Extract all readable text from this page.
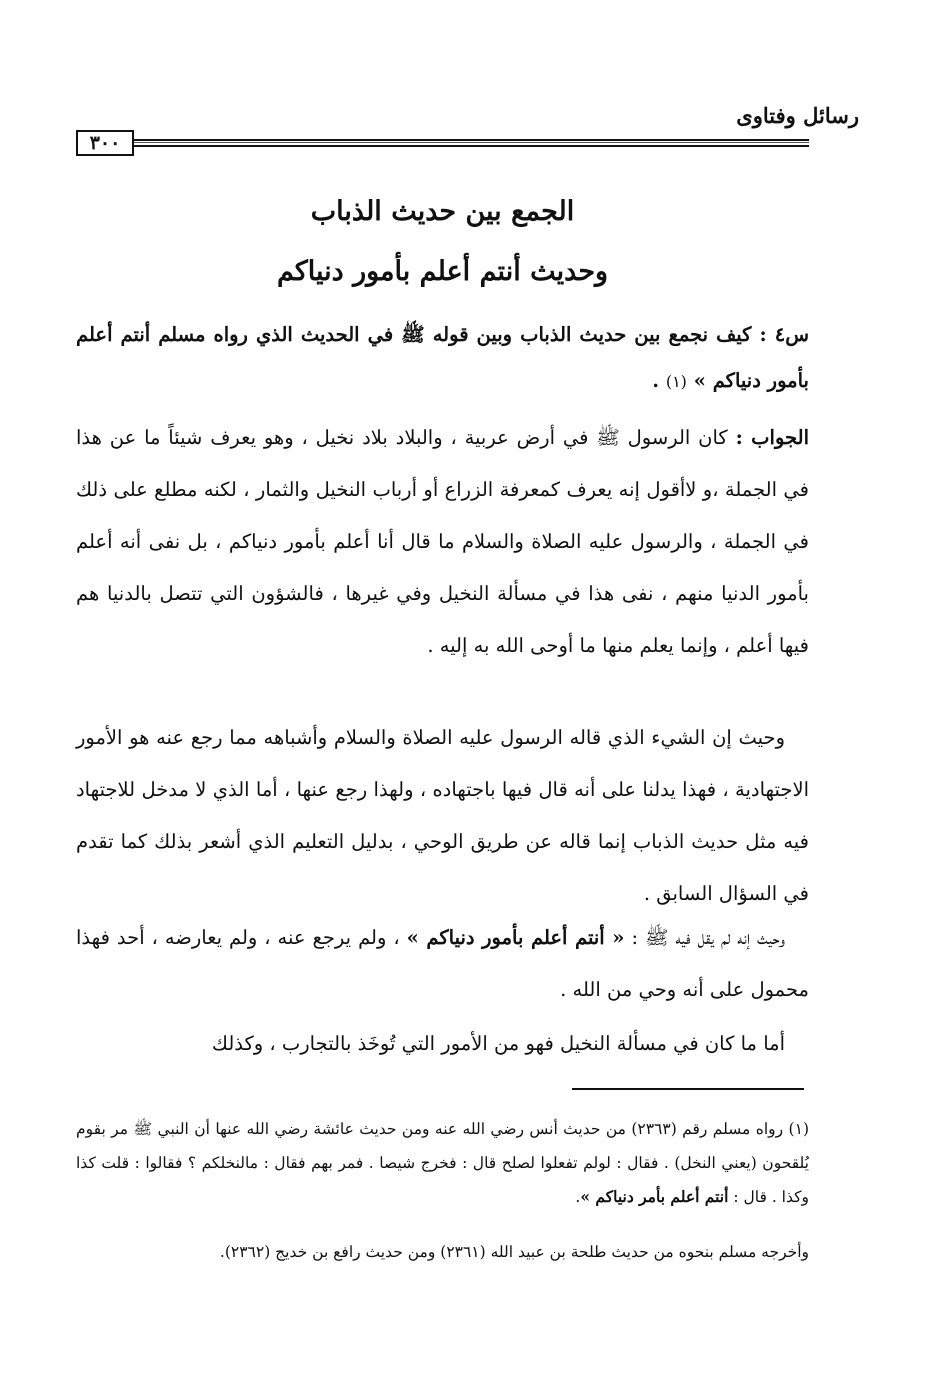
رسائل وفتاوى
٣٠٠
الجمع بين حديث الذباب
وحديث أنتم أعلم بأمور دنياكم
س٤ : كيف نجمع بين حديث الذباب وبين قوله ﷺ في الحديث الذي رواه مسلم أنتم أعلم بأمور دنياكم » (١) .
الجواب : كان الرسول ﷺ في أرض عربية ، والبلاد بلاد نخيل ، وهو يعرف شيئاً ما عن هذا في الجملة ،و لاأقول إنه يعرف كمعرفة الزراع أو أرباب النخيل والثمار ، لكنه مطلع على ذلك في الجملة ، والرسول عليه الصلاة والسلام ما قال أنا أعلم بأمور دنياكم ، بل نفى أنه أعلم بأمور الدنيا منهم ، نفى هذا في مسألة النخيل وفي غيرها ، فالشؤون التي تتصل بالدنيا هم فيها أعلم ، وإنما يعلم منها ما أوحى الله به إليه .
وحيث إن الشيء الذي قاله الرسول عليه الصلاة والسلام وأشباهه مما رجع عنه هو الأمور الاجتهادية ، فهذا يدلنا على أنه قال فيها باجتهاده ، ولهذا رجع عنها ، أما الذي لا مدخل للاجتهاد فيه مثل حديث الذباب إنما قاله عن طريق الوحي ، بدليل التعليم الذي أشعر بذلك كما تقدم في السؤال السابق .
وحيث إنه لم يقل فيه ﷺ : « أنتم أعلم بأمور دنياكم » ، ولم يرجع عنه ، ولم يعارضه ، أحد فهذا محمول على أنه وحي من الله .
أما ما كان في مسألة النخيل فهو من الأمور التي تُوخَذ بالتجارب ، وكذلك
(١) رواه مسلم رقم (٢٣٦٣) من حديث أنس رضي الله عنه ومن حديث عائشة رضي الله عنها أن النبي ﷺ مر بقوم يُلقحون (يعني النخل) . فقال : لولم تفعلوا لصلح قال : فخرج شيصا . فمر بهم فقال : مالنخلكم ؟ فقالوا : قلت كذا وكذا . قال : أنتم أعلم بأمر دنياكم ».
وأخرجه مسلم بنحوه من حديث طلحة بن عبيد الله (٢٣٦١) ومن حديث رافع بن خديج (٢٣٦٢).
